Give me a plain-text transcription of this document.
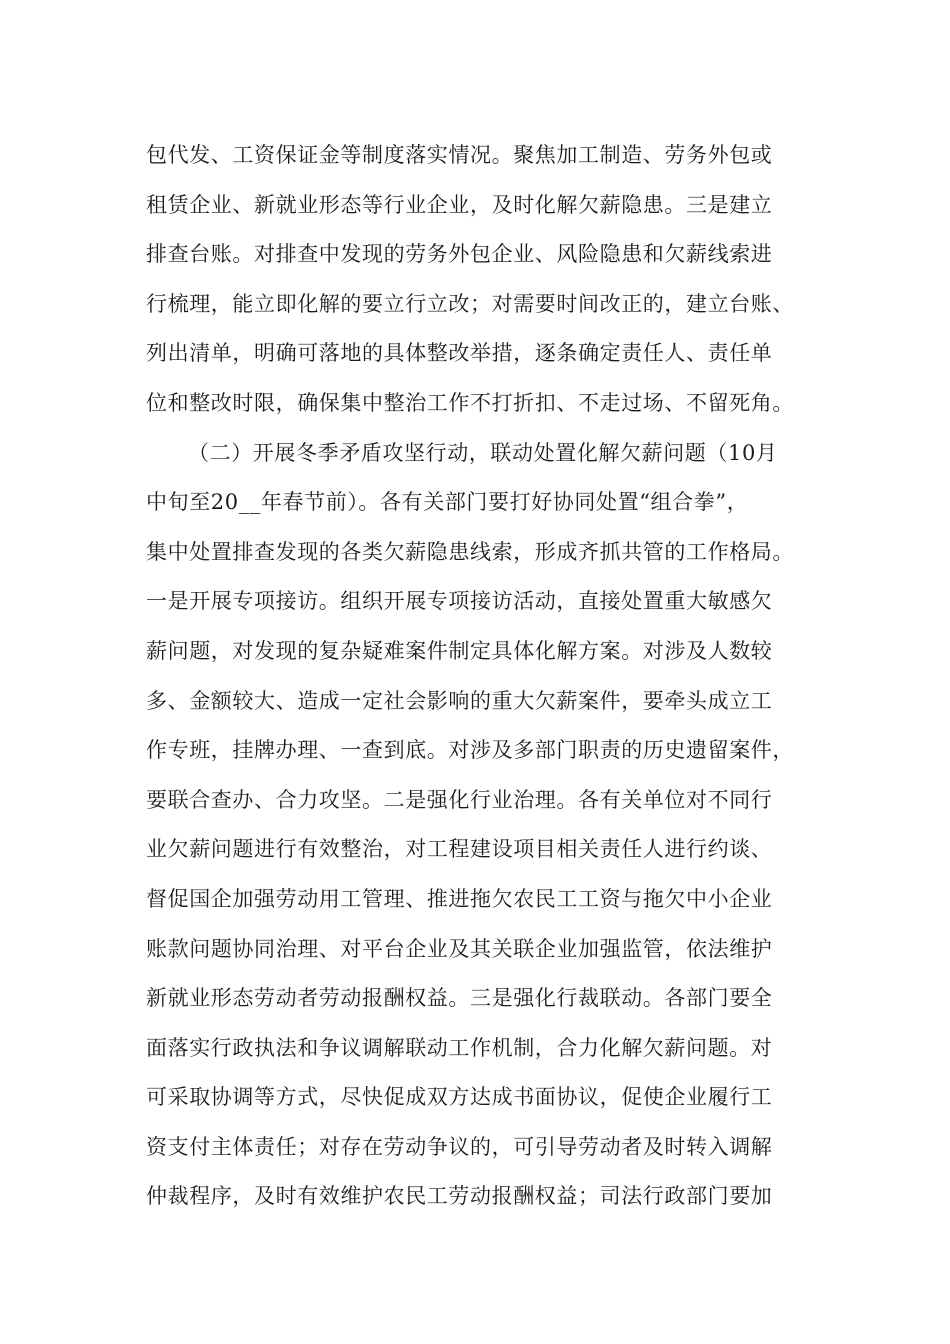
包代发、工资保证金等制度落实情况。聚焦加工制造、劳务外包或
租赁企业、新就业形态等行业企业，及时化解欠薪隐患。三是建立
排查台账。对排查中发现的劳务外包企业、风险隐患和欠薪线索进
行梳理，能立即化解的要立行立改；对需要时间改正的，建立台账、
列出清单，明确可落地的具体整改举措，逐条确定责任人、责任单
位和整改时限，确保集中整治工作不打折扣、不走过场、不留死角。
（二）开展冬季矛盾攻坚行动，联动处置化解欠薪问题（10月
中旬至20__年春节前）。各有关部门要打好协同处置“组合拳”，
集中处置排查发现的各类欠薪隐患线索，形成齐抓共管的工作格局。
一是开展专项接访。组织开展专项接访活动，直接处置重大敏感欠
薪问题，对发现的复杂疑难案件制定具体化解方案。对涉及人数较
多、金额较大、造成一定社会影响的重大欠薪案件，要牵头成立工
作专班，挂牌办理、一查到底。对涉及多部门职责的历史遗留案件，
要联合查办、合力攻坚。二是强化行业治理。各有关单位对不同行
业欠薪问题进行有效整治，对工程建设项目相关责任人进行约谈、
督促国企加强劳动用工管理、推进拖欠农民工工资与拖欠中小企业
账款问题协同治理、对平台企业及其关联企业加强监管，依法维护
新就业形态劳动者劳动报酬权益。三是强化行裁联动。各部门要全
面落实行政执法和争议调解联动工作机制，合力化解欠薪问题。对
可采取协调等方式，尽快促成双方达成书面协议，促使企业履行工
资支付主体责任；对存在劳动争议的，可引导劳动者及时转入调解
仲裁程序，及时有效维护农民工劳动报酬权益；司法行政部门要加
